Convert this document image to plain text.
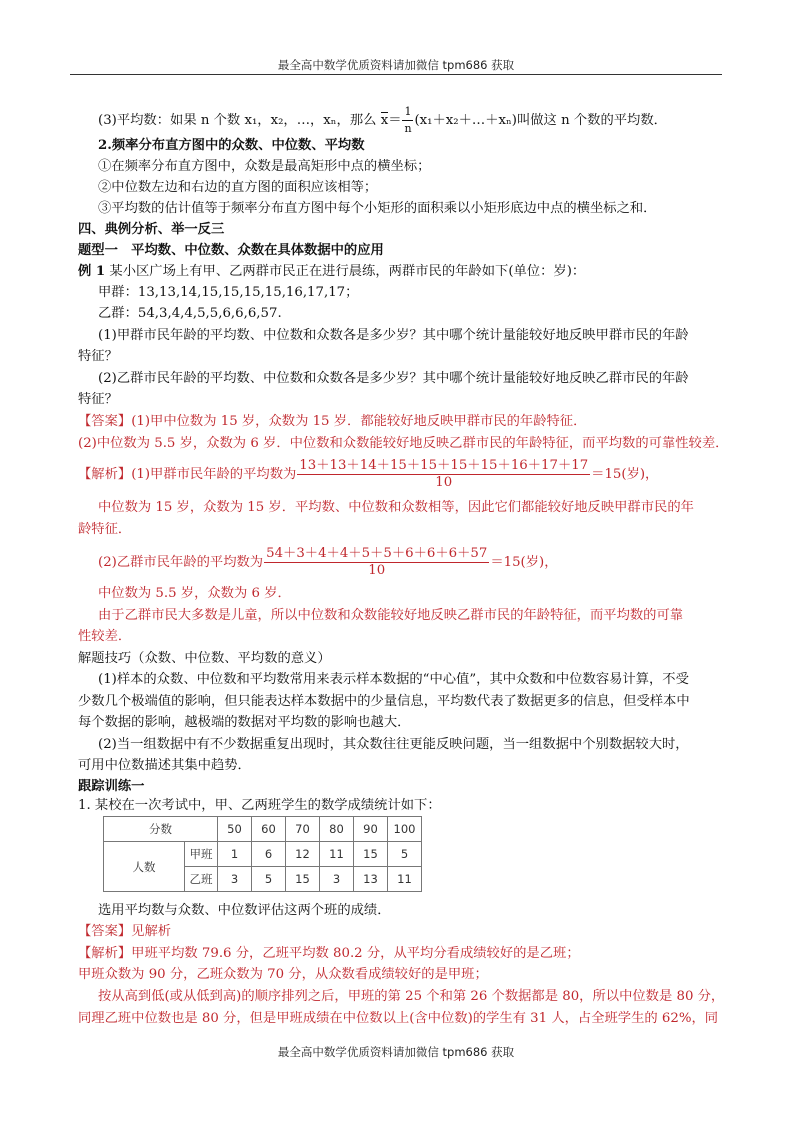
最全高中数学优质资料请加微信 tpm686 获取
(3)平均数：如果 n 个数 x₁，x₂，…，xₙ，那么 $x= \frac{1}{n}$ (x₁＋x₂＋…＋xₙ)叫做这 n 个数的平均数．
2.频率分布直方图中的众数、中位数、平均数
①在频率分布直方图中，众数是最高矩形中点的横坐标；
②中位数左边和右边的直方图的面积应该相等；
③平均数的估计值等于频率分布直方图中每个小矩形的面积乘以小矩形底边中点的横坐标之和．
四、典例分析、举一反三
题型一　平均数、中位数、众数在具体数据中的应用
例 1 某小区广场上有甲、乙两群市民正在进行晨练，两群市民的年龄如下(单位：岁)：
甲群：13,13,14,15,15,15,15,16,17,17；
乙群：54,3,4,4,5,5,6,6,6,57.
(1)甲群市民年龄的平均数、中位数和众数各是多少岁？其中哪个统计量能较好地反映甲群市民的年龄
特征？
(2)乙群市民年龄的平均数、中位数和众数各是多少岁？其中哪个统计量能较好地反映乙群市民的年龄
特征？
【答案】(1)甲中位数为 15 岁，众数为 15 岁．都能较好地反映甲群市民的年龄特征．
(2)中位数为 5.5 岁，众数为 6 岁．中位数和众数能较好地反映乙群市民的年龄特征，而平均数的可靠性较差．
【解析】(1)甲群市民年龄的平均数为 $\frac{13+13+14+15+15+15+15+16+17+17}{10} =15$(岁)，
中位数为 15 岁，众数为 15 岁．平均数、中位数和众数相等，因此它们都能较好地反映甲群市民的年
龄特征．
(2)乙群市民年龄的平均数为 $\frac{54+3+4+4+5+5+6+6+6+57}{10} =15$(岁)，
中位数为 5.5 岁，众数为 6 岁．
由于乙群市民大多数是儿童，所以中位数和众数能较好地反映乙群市民的年龄特征，而平均数的可靠
性较差．
解题技巧（众数、中位数、平均数的意义）
(1)样本的众数、中位数和平均数常用来表示样本数据的“中心值”，其中众数和中位数容易计算，不受
少数几个极端值的影响，但只能表达样本数据中的少量信息，平均数代表了数据更多的信息，但受样本中
每个数据的影响，越极端的数据对平均数的影响也越大．
(2)当一组数据中有不少数据重复出现时，其众数往往更能反映问题，当一组数据中个别数据较大时，
可用中位数描述其集中趋势．
跟踪训练一
1. 某校在一次考试中，甲、乙两班学生的数学成绩统计如下：
分数		50	60	70	80	90	100
人数	甲班	1	6	12	11	15	5
	乙班	3	5	15	3	13	11
选用平均数与众数、中位数评估这两个班的成绩．
【答案】见解析
【解析】甲班平均数 79.6 分，乙班平均数 80.2 分，从平均分看成绩较好的是乙班；
甲班众数为 90 分，乙班众数为 70 分，从众数看成绩较好的是甲班；
按从高到低(或从低到高)的顺序排列之后，甲班的第 25 个和第 26 个数据都是 80，所以中位数是 80 分，
同理乙班中位数也是 80 分，但是甲班成绩在中位数以上(含中位数)的学生有 31 人，占全班学生的 62%，同
最全高中数学优质资料请加微信 tpm686 获取
